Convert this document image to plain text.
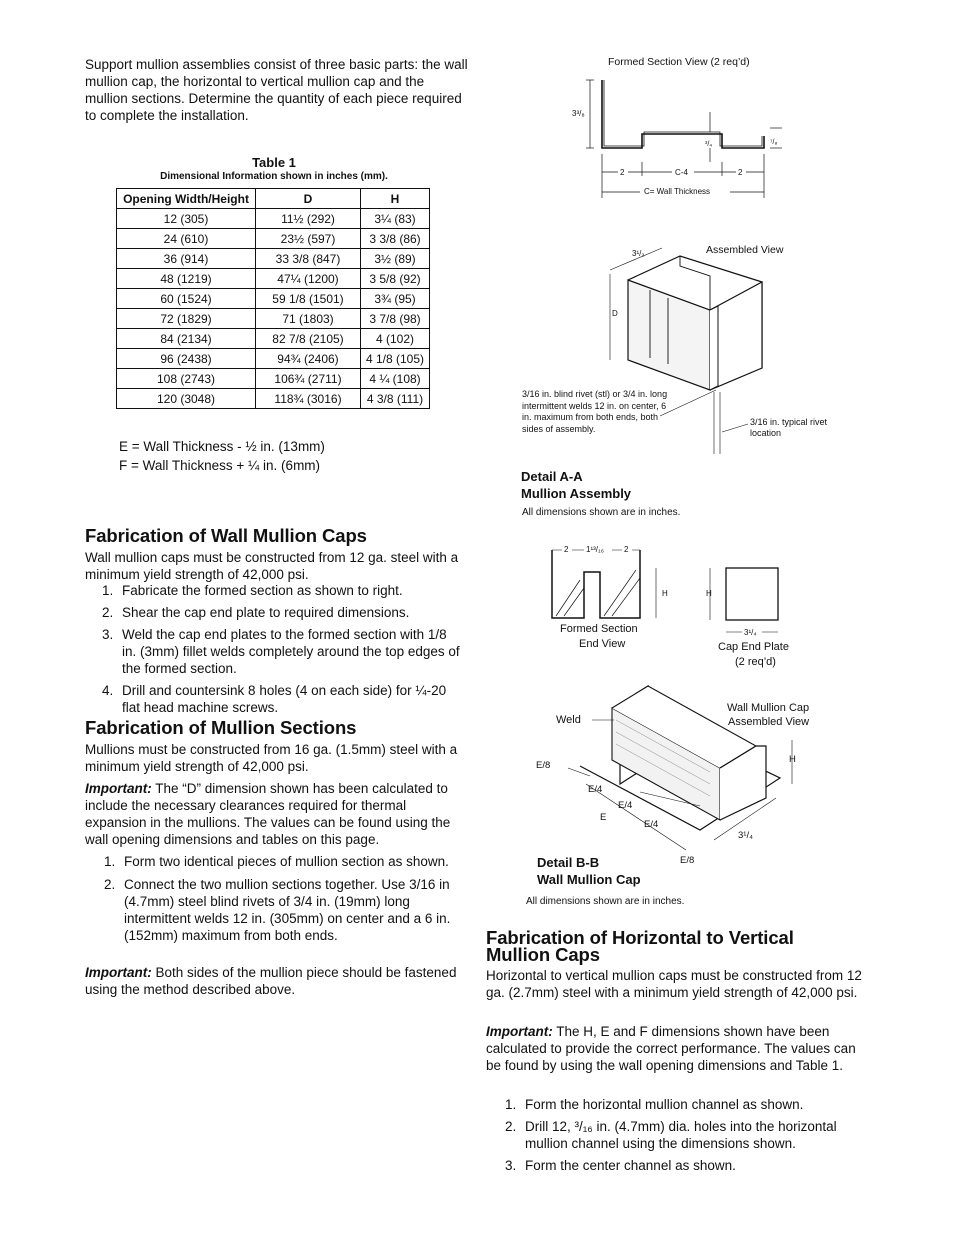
Support mullion assemblies consist of three basic parts: the wall mullion cap, the horizontal to vertical mullion cap and the mullion sections. Determine the quantity of each piece required to complete the installation.
Table 1
Dimensional Information shown in inches (mm).
Opening Width/Height	D	H
12 (305)	11½ (292)	3¼ (83)
24 (610)	23½ (597)	3 3/8 (86)
36 (914)	33 3/8 (847)	3½ (89)
48 (1219)	47¼ (1200)	3 5/8 (92)
60 (1524)	59 1/8 (1501)	3¾ (95)
72 (1829)	71 (1803)	3 7/8 (98)
84 (2134)	82 7/8 (2105)	4 (102)
96 (2438)	94¾ (2406)	4 1/8 (105)
108 (2743)	106¾ (2711)	4 ¼ (108)
120 (3048)	118¾ (3016)	4 3/8 (111)
E = Wall Thickness - ½ in. (13mm)
F = Wall Thickness + ¼ in. (6mm)
Fabrication of Wall Mullion Caps
Wall mullion caps must be constructed from 12 ga. steel with a minimum yield strength of 42,000 psi.
1. Fabricate the formed section as shown to right.
2. Shear the cap end plate to required dimensions.
3. Weld the cap end plates to the formed section with 1/8 in. (3mm) fillet welds completely around the top edges of the formed section.
4. Drill and countersink 8 holes (4 on each side) for ¼-20 flat head machine screws.
Fabrication of Mullion Sections
Mullions must be constructed from 16 ga. (1.5mm) steel with a minimum yield strength of 42,000 psi.
Important: The “D” dimension shown has been calculated to include the necessary clearances required for thermal expansion in the mullions. The values can be found using the wall opening dimensions and tables on this page.
1. Form two identical pieces of mullion section as shown.
2. Connect the two mullion sections together. Use 3/16 in (4.7mm) steel blind rivets of 3/4 in. (19mm) long intermittent welds 12 in. (305mm) on center and a 6 in. (152mm) maximum from both ends.
Important: Both sides of the mullion piece should be fastened using the method described above.
Formed Section View (2 req’d)
3³/₈
³/₄	⁷/₈
2	C-4	2
C= Wall Thickness
3¹/₂
D
Assembled View
3/16 in. blind rivet (stl) or 3/4 in. long intermittent welds 12 in. on center, 6 in. maximum from both ends, both sides of assembly.
3/16 in. typical rivet location
Detail A-A
Mullion Assembly
All dimensions shown are in inches.
2 1¹³/₁₆	2
H
Formed Section
End View
H
3¹/₄
Cap End Plate
(2 req’d)
Weld
Wall Mullion Cap
Assembled View
H
E/8
E/4
E/4
E
E/4
E/8
3¹/₄
Detail B-B
Wall Mullion Cap
All dimensions shown are in inches.
Fabrication of Horizontal to Vertical
Mullion Caps
Horizontal to vertical mullion caps must be constructed from 12 ga. (2.7mm) steel with a minimum yield strength of 42,000 psi.
Important: The H, E and F dimensions shown have been calculated to provide the correct performance. The values can be found by using the wall opening dimensions and Table 1.
1. Form the horizontal mullion channel as shown.
2. Drill 12, ³/₁₆ in. (4.7mm) dia. holes into the horizontal mullion channel using the dimensions shown.
3. Form the center channel as shown.
